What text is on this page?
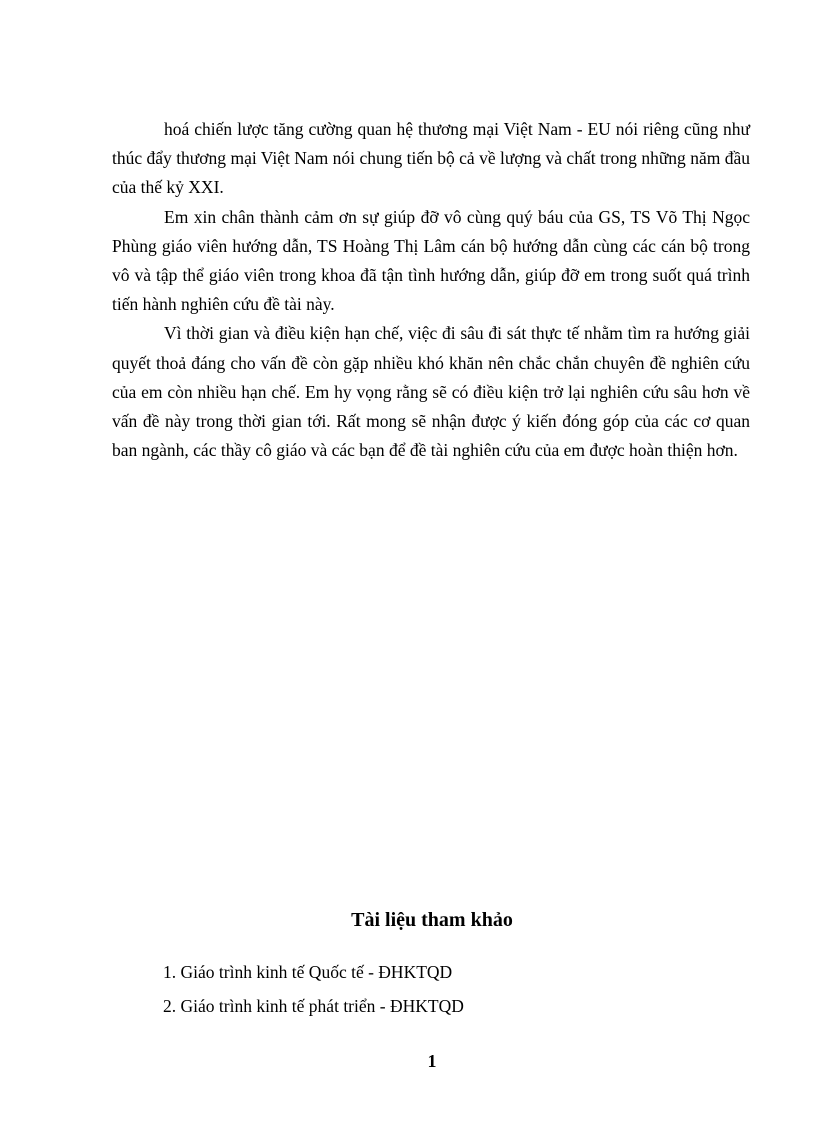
hoá chiến lược tăng cường quan hệ thương mại Việt Nam - EU nói riêng cũng như thúc đẩy thương mại Việt Nam nói chung tiến bộ cả về lượng và chất trong những năm đầu của thế kỷ XXI.

Em xin chân thành cảm ơn sự giúp đỡ vô cùng quý báu của GS, TS Võ Thị Ngọc Phùng giáo viên hướng dẫn, TS Hoàng Thị Lâm cán bộ hướng dẫn cùng các cán bộ trong vô và tập thể giáo viên trong khoa đã tận tình hướng dẫn, giúp đỡ em trong suốt quá trình tiến hành nghiên cứu đề tài này.

Vì thời gian và điều kiện hạn chế, việc đi sâu đi sát thực tế nhằm tìm ra hướng giải quyết thoả đáng cho vấn đề còn gặp nhiều khó khăn nên chắc chắn chuyên đề nghiên cứu của em còn nhiều hạn chế. Em hy vọng rằng sẽ có điều kiện trở lại nghiên cứu sâu hơn về vấn đề này trong thời gian tới. Rất mong sẽ nhận được ý kiến đóng góp của các cơ quan ban ngành, các thầy cô giáo và các bạn để đề tài nghiên cứu của em được hoàn thiện hơn.

Tài liệu tham khảo
1. Giáo trình kinh tế Quốc tế - ĐHKTQD
2. Giáo trình kinh tế phát triển - ĐHKTQD
1
